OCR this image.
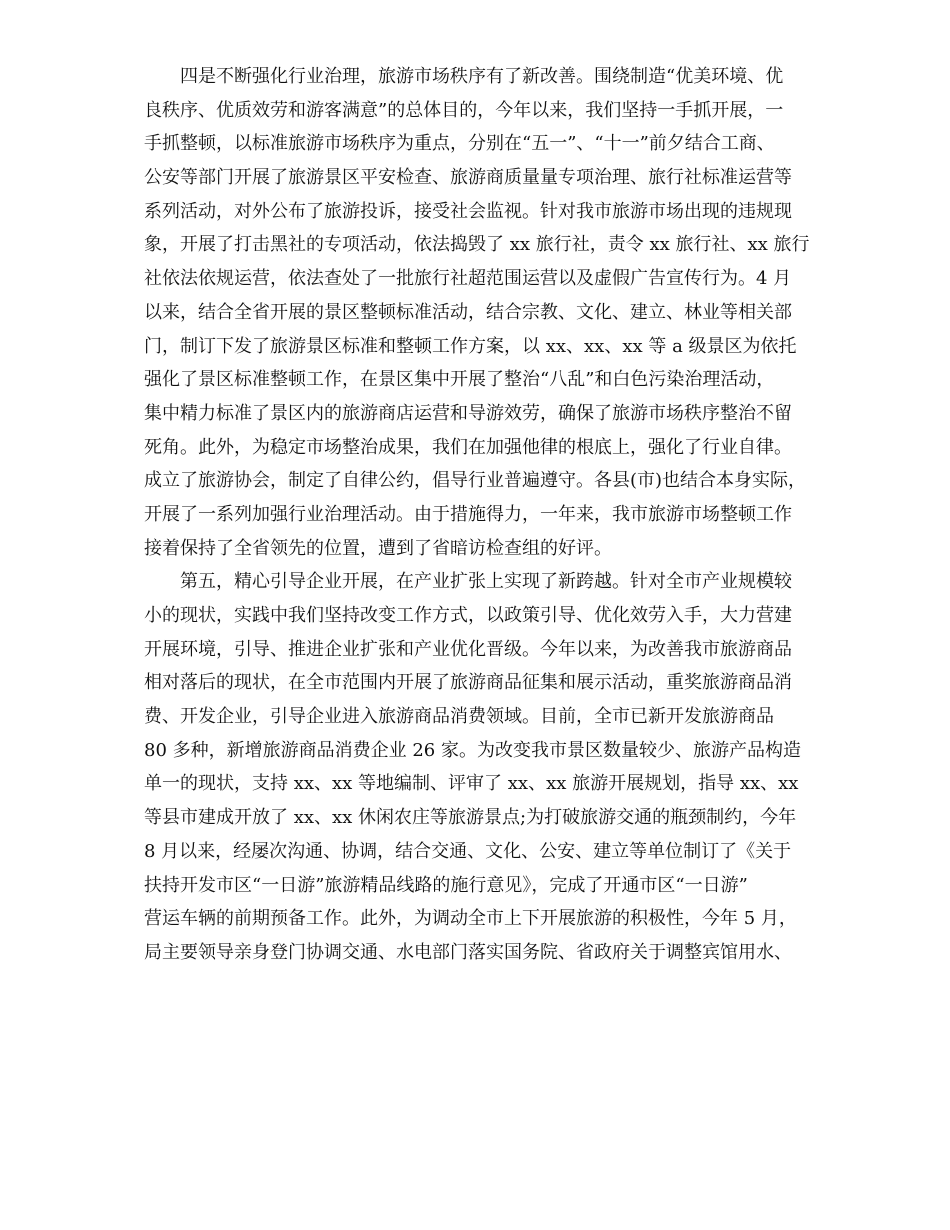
　　四是不断强化行业治理，旅游市场秩序有了新改善。围绕制造“优美环境、优
良秩序、优质效劳和游客满意”的总体目的，今年以来，我们坚持一手抓开展，一
手抓整顿，以标准旅游市场秩序为重点，分别在“五一”、“十一”前夕结合工商、
公安等部门开展了旅游景区平安检查、旅游商质量量专项治理、旅行社标准运营等
系列活动，对外公布了旅游投诉，接受社会监视。针对我市旅游市场出现的违规现
象，开展了打击黑社的专项活动，依法捣毁了 xx 旅行社，责令 xx 旅行社、xx 旅行
社依法依规运营，依法查处了一批旅行社超范围运营以及虚假广告宣传行为。4 月
以来，结合全省开展的景区整顿标准活动，结合宗教、文化、建立、林业等相关部
门，制订下发了旅游景区标准和整顿工作方案，以 xx、xx、xx 等 a 级景区为依托
强化了景区标准整顿工作，在景区集中开展了整治“八乱”和白色污染治理活动，
集中精力标准了景区内的旅游商店运营和导游效劳，确保了旅游市场秩序整治不留
死角。此外，为稳定市场整治成果，我们在加强他律的根底上，强化了行业自律。
成立了旅游协会，制定了自律公约，倡导行业普遍遵守。各县(市)也结合本身实际，
开展了一系列加强行业治理活动。由于措施得力，一年来，我市旅游市场整顿工作
接着保持了全省领先的位置，遭到了省暗访检查组的好评。
　　第五，精心引导企业开展，在产业扩张上实现了新跨越。针对全市产业规模较
小的现状，实践中我们坚持改变工作方式，以政策引导、优化效劳入手，大力营建
开展环境，引导、推进企业扩张和产业优化晋级。今年以来，为改善我市旅游商品
相对落后的现状，在全市范围内开展了旅游商品征集和展示活动，重奖旅游商品消
费、开发企业，引导企业进入旅游商品消费领域。目前，全市已新开发旅游商品
80 多种，新增旅游商品消费企业 26 家。为改变我市景区数量较少、旅游产品构造
单一的现状，支持 xx、xx 等地编制、评审了 xx、xx 旅游开展规划，指导 xx、xx
等县市建成开放了 xx、xx 休闲农庄等旅游景点;为打破旅游交通的瓶颈制约，今年
8 月以来，经屡次沟通、协调，结合交通、文化、公安、建立等单位制订了《关于
扶持开发市区“一日游”旅游精品线路的施行意见》，完成了开通市区“一日游”
营运车辆的前期预备工作。此外，为调动全市上下开展旅游的积极性，今年 5 月，
局主要领导亲身登门协调交通、水电部门落实国务院、省政府关于调整宾馆用水、
